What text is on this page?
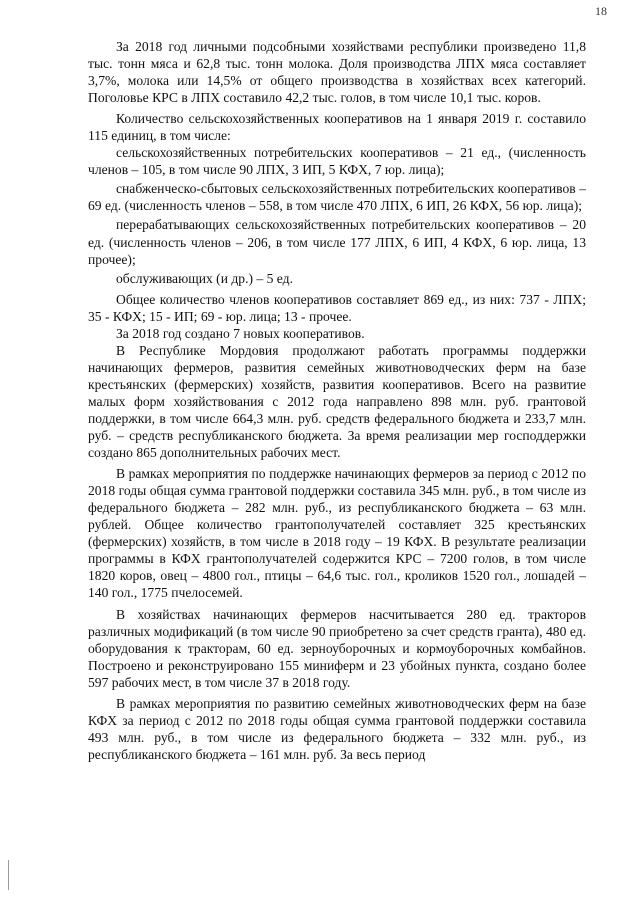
18

За 2018 год личными подсобными хозяйствами республики произведено 11,8 тыс. тонн мяса и 62,8 тыс. тонн молока. Доля производства ЛПХ мяса составляет 3,7%, молока или 14,5% от общего производства в хозяйствах всех категорий. Поголовье КРС в ЛПХ составило 42,2 тыс. голов, в том числе 10,1 тыс. коров.

Количество сельскохозяйственных кооперативов на 1 января 2019 г. составило 115 единиц, в том числе:

сельскохозяйственных потребительских кооперативов – 21 ед., (численность членов – 105, в том числе 90 ЛПХ, 3 ИП, 5 КФХ, 7 юр. лица);

снабженческо-сбытовых сельскохозяйственных потребительских кооперативов – 69 ед. (численность членов – 558, в том числе 470 ЛПХ, 6 ИП, 26 КФХ, 56 юр. лица);

перерабатывающих сельскохозяйственных потребительских кооперативов – 20 ед. (численность членов – 206, в том числе 177 ЛПХ, 6 ИП, 4 КФХ, 6 юр. лица, 13 прочее);

обслуживающих (и др.) – 5 ед.

Общее количество членов кооперативов составляет 869 ед., из них: 737 - ЛПХ; 35 - КФХ; 15 - ИП; 69 - юр. лица; 13 - прочее.

За 2018 год создано 7 новых кооперативов.

В Республике Мордовия продолжают работать программы поддержки начинающих фермеров, развития семейных животноводческих ферм на базе крестьянских (фермерских) хозяйств, развития кооперативов. Всего на развитие малых форм хозяйствования с 2012 года направлено 898 млн. руб. грантовой поддержки, в том числе 664,3 млн. руб. средств федерального бюджета и 233,7 млн. руб. – средств республиканского бюджета. За время реализации мер господдержки создано 865 дополнительных рабочих мест.

В рамках мероприятия по поддержке начинающих фермеров за период с 2012 по 2018 годы общая сумма грантовой поддержки составила 345 млн. руб., в том числе из федерального бюджета – 282 млн. руб., из республиканского бюджета – 63 млн. рублей. Общее количество грантополучателей составляет 325 крестьянских (фермерских) хозяйств, в том числе в 2018 году – 19 КФХ. В результате реализации программы в КФХ грантополучателей содержится КРС – 7200 голов, в том числе 1820 коров, овец – 4800 гол., птицы – 64,6 тыс. гол., кроликов 1520 гол., лошадей – 140 гол., 1775 пчелосемей.

В хозяйствах начинающих фермеров насчитывается 280 ед. тракторов различных модификаций (в том числе 90 приобретено за счет средств гранта), 480 ед. оборудования к тракторам, 60 ед. зерноуборочных и кормоуборочных комбайнов. Построено и реконструировано 155 миниферм и 23 убойных пункта, создано более 597 рабочих мест, в том числе 37 в 2018 году.

В рамках мероприятия по развитию семейных животноводческих ферм на базе КФХ за период с 2012 по 2018 годы общая сумма грантовой поддержки составила 493 млн. руб., в том числе из федерального бюджета – 332 млн. руб., из республиканского бюджета – 161 млн. руб. За весь период
